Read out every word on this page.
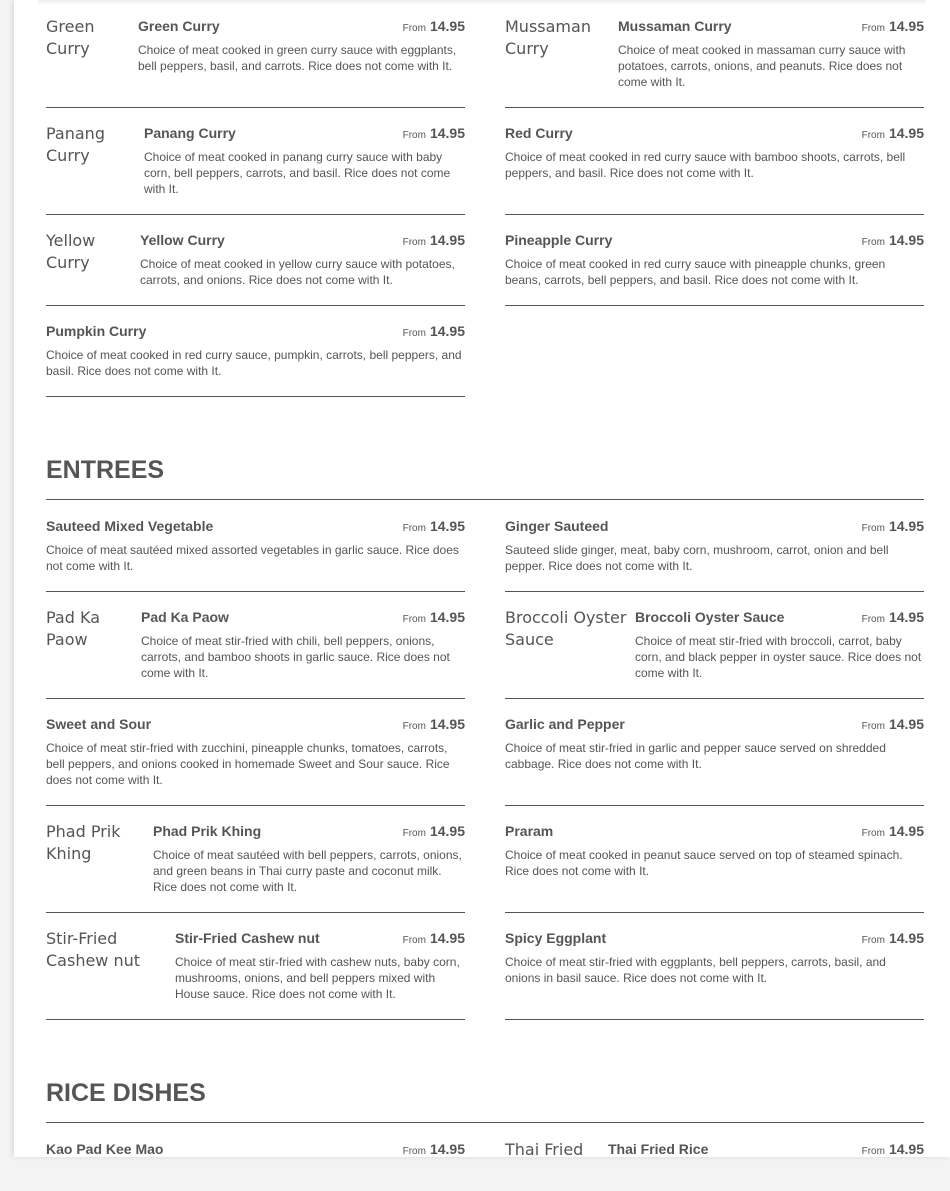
Green Curry
Green Curry	From 14.95
Choice of meat cooked in green curry sauce with eggplants, bell peppers, basil, and carrots. Rice does not come with It.
Mussaman Curry
Mussaman Curry	From 14.95
Choice of meat cooked in massaman curry sauce with potatoes, carrots, onions, and peanuts. Rice does not come with It.
Panang Curry
Panang Curry	From 14.95
Choice of meat cooked in panang curry sauce with baby corn, bell peppers, carrots, and basil. Rice does not come with It.
Red Curry	From 14.95
Choice of meat cooked in red curry sauce with bamboo shoots, carrots, bell peppers, and basil. Rice does not come with It.
Yellow Curry
Yellow Curry	From 14.95
Choice of meat cooked in yellow curry sauce with potatoes, carrots, and onions. Rice does not come with It.
Pineapple Curry	From 14.95
Choice of meat cooked in red curry sauce with pineapple chunks, green beans, carrots, bell peppers, and basil. Rice does not come with It.
Pumpkin Curry	From 14.95
Choice of meat cooked in red curry sauce, pumpkin, carrots, bell peppers, and basil. Rice does not come with It.
ENTREES
Sauteed Mixed Vegetable	From 14.95
Choice of meat sautéed mixed assorted vegetables in garlic sauce. Rice does not come with It.
Ginger Sauteed	From 14.95
Sauteed slide ginger, meat, baby corn, mushroom, carrot, onion and bell pepper. Rice does not come with It.
Pad Ka Paow
Pad Ka Paow	From 14.95
Choice of meat stir-fried with chili, bell peppers, onions, carrots, and bamboo shoots in garlic sauce. Rice does not come with It.
Broccoli Oyster Sauce
Broccoli Oyster Sauce	From 14.95
Choice of meat stir-fried with broccoli, carrot, baby corn, and black pepper in oyster sauce. Rice does not come with It.
Sweet and Sour	From 14.95
Choice of meat stir-fried with zucchini, pineapple chunks, tomatoes, carrots, bell peppers, and onions cooked in homemade Sweet and Sour sauce. Rice does not come with It.
Garlic and Pepper	From 14.95
Choice of meat stir-fried in garlic and pepper sauce served on shredded cabbage. Rice does not come with It.
Phad Prik Khing
Phad Prik Khing	From 14.95
Choice of meat sautéed with bell peppers, carrots, onions, and green beans in Thai curry paste and coconut milk. Rice does not come with It.
Praram	From 14.95
Choice of meat cooked in peanut sauce served on top of steamed spinach. Rice does not come with It.
Stir-Fried Cashew nut
Stir-Fried Cashew nut	From 14.95
Choice of meat stir-fried with cashew nuts, baby corn, mushrooms, onions, and bell peppers mixed with House sauce. Rice does not come with It.
Spicy Eggplant	From 14.95
Choice of meat stir-fried with eggplants, bell peppers, carrots, basil, and onions in basil sauce. Rice does not come with It.
RICE DISHES
Kao Pad Kee Mao	From 14.95	Thai Fried	Thai Fried Rice	From 14.95
